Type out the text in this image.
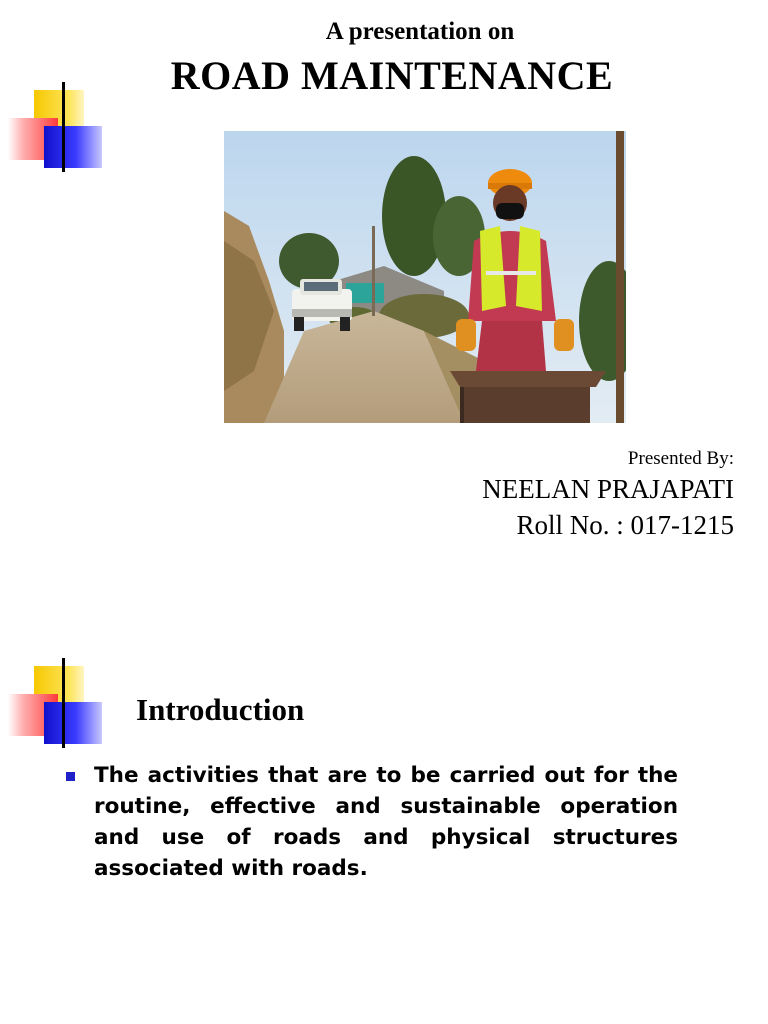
A presentation on
ROAD MAINTENANCE
Presented By:
NEELAN PRAJAPATI
Roll No. : 017-1215
Introduction
The activities that are to be carried out for the routine, effective and sustainable operation and use of roads and physical structures associated with roads.
